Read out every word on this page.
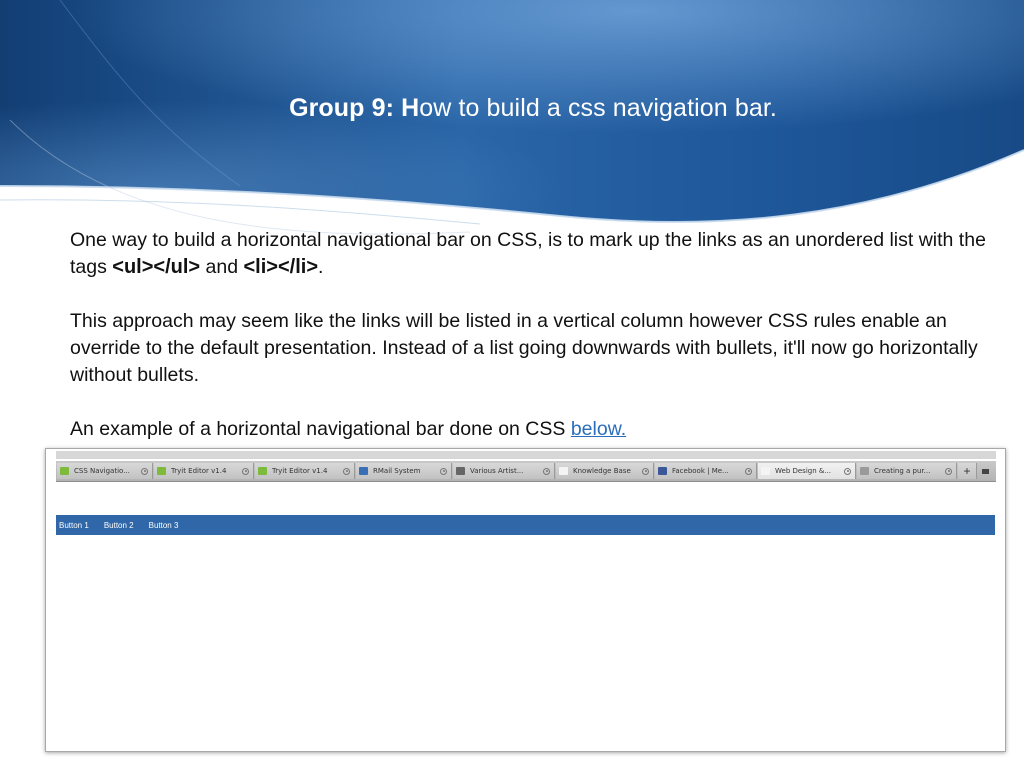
Group 9: How to build a css navigation bar.

One way to build a horizontal navigational bar on CSS, is to mark up the links as an unordered list with the tags <ul></ul> and <li></li>.

This approach may seem like the links will be listed in a vertical column however CSS rules enable an override to the default presentation. Instead of a list going downwards with bullets, it'll now go horizontally without bullets.

An example of a horizontal navigational bar done on CSS below.

CSS Navigatio...	Tryit Editor v1.4	Tryit Editor v1.4	RMail System	Various Artist...	Knowledge Base	Facebook | Me...	Web Design &...	Creating a pur...	+
Button 1 Button 2 Button 3
